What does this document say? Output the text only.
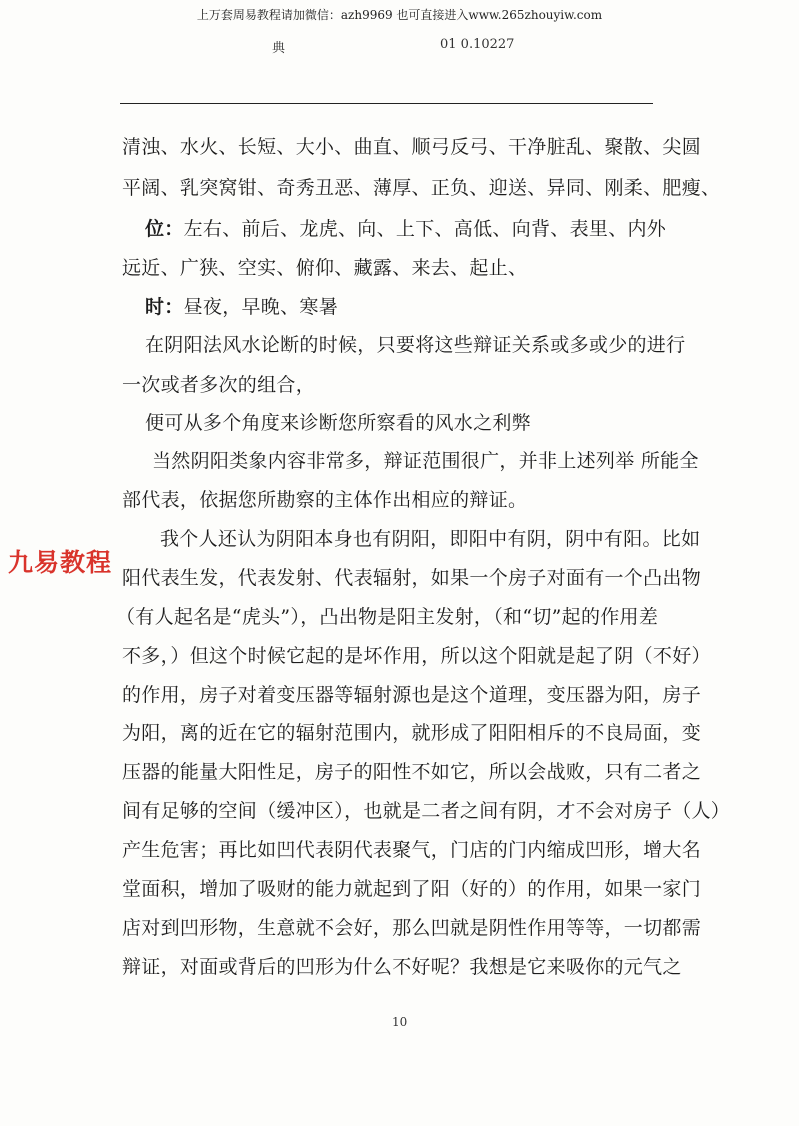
上万套周易教程请加微信：azh9969 也可直接进入www.265zhouyiw.com
典	01 0.10227
清浊、水火、长短、大小、曲直、顺弓反弓、干净脏乱、聚散、尖圆
平阔、乳突窝钳、奇秀丑恶、薄厚、正负、迎送、异同、刚柔、肥瘦、
位：左右、前后、龙虎、向、上下、高低、向背、表里、内外
远近、广狭、空实、俯仰、藏露、来去、起止、
时：昼夜，早晚、寒暑
在阴阳法风水论断的时候，只要将这些辩证关系或多或少的进行
一次或者多次的组合，
便可从多个角度来诊断您所察看的风水之利弊
当然阴阳类象内容非常多，辩证范围很广，并非上述列举 所能全
部代表，依据您所勘察的主体作出相应的辩证。
我个人还认为阴阳本身也有阴阳，即阳中有阴，阴中有阳。比如
阳代表生发，代表发射、代表辐射，如果一个房子对面有一个凸出物
（有人起名是“虎头”），凸出物是阳主发射，（和“切”起的作用差
不多，）但这个时候它起的是坏作用，所以这个阳就是起了阴（不好）
的作用，房子对着变压器等辐射源也是这个道理，变压器为阳，房子
为阳，离的近在它的辐射范围内，就形成了阳阳相斥的不良局面，变
压器的能量大阳性足，房子的阳性不如它，所以会战败，只有二者之
间有足够的空间（缓冲区），也就是二者之间有阴，才不会对房子（人）
产生危害；再比如凹代表阴代表聚气，门店的门内缩成凹形，增大名
堂面积，增加了吸财的能力就起到了阳（好的）的作用，如果一家门
店对到凹形物，生意就不会好，那么凹就是阴性作用等等，一切都需
辩证，对面或背后的凹形为什么不好呢？我想是它来吸你的元气之
九易教程
10
